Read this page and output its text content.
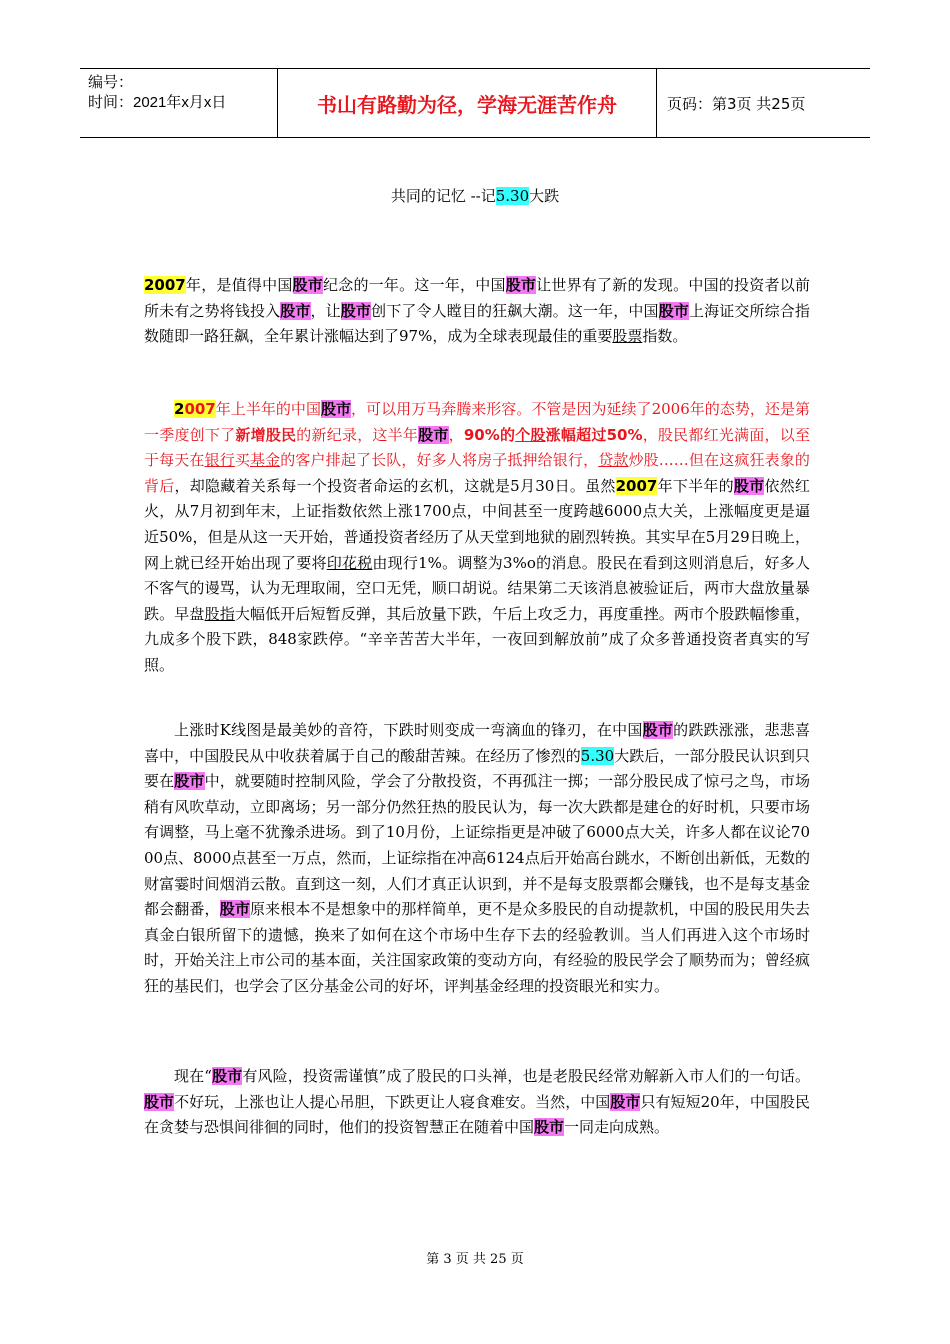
编号：
时间：2021年x月x日	书山有路勤为径，学海无涯苦作舟	页码：第3页 共25页
共同的记忆 --记5.30大跌

2007年，是值得中国股市纪念的一年。这一年，中国股市让世界有了新的发现。中国的投资者以前所未有之势将钱投入股市，让股市创下了令人瞠目的狂飙大潮。这一年，中国股市上海证交所综合指数随即一路狂飙，全年累计涨幅达到了97%，成为全球表现最佳的重要股票指数。

2007年上半年的中国股市，可以用万马奔腾来形容。不管是因为延续了2006年的态势，还是第一季度创下了新增股民的新纪录，这半年股市，90%的个股涨幅超过50%，股民都红光满面，以至于每天在银行买基金的客户排起了长队，好多人将房子抵押给银行，贷款炒股……但在这疯狂表象的背后，却隐藏着关系每一个投资者命运的玄机，这就是5月30日。虽然2007年下半年的股市依然红火，从7月初到年末，上证指数依然上涨1700点，中间甚至一度跨越6000点大关，上涨幅度更是逼近50%，但是从这一天开始，普通投资者经历了从天堂到地狱的剧烈转换。其实早在5月29日晚上，网上就已经开始出现了要将印花税由现行1%。调整为3%o的消息。股民在看到这则消息后，好多人不客气的谩骂，认为无理取闹，空口无凭，顺口胡说。结果第二天该消息被验证后，两市大盘放量暴跌。早盘股指大幅低开后短暂反弹，其后放量下跌，午后上攻乏力，再度重挫。两市个股跌幅惨重，九成多个股下跌，848家跌停。“辛辛苦苦大半年，一夜回到解放前”成了众多普通投资者真实的写照。

上涨时K线图是最美妙的音符，下跌时则变成一弯滴血的锋刃，在中国股市的跌跌涨涨，悲悲喜喜中，中国股民从中收获着属于自己的酸甜苦辣。在经历了惨烈的5.30大跌后，一部分股民认识到只要在股市中，就要随时控制风险，学会了分散投资，不再孤注一掷；一部分股民成了惊弓之鸟，市场稍有风吹草动，立即离场；另一部分仍然狂热的股民认为，每一次大跌都是建仓的好时机，只要市场有调整，马上毫不犹豫杀进场。到了10月份，上证综指更是冲破了6000点大关，许多人都在议论7000点、8000点甚至一万点，然而，上证综指在冲高6124点后开始高台跳水，不断创出新低，无数的财富霎时间烟消云散。直到这一刻，人们才真正认识到，并不是每支股票都会赚钱，也不是每支基金都会翻番，股市原来根本不是想象中的那样简单，更不是众多股民的自动提款机，中国的股民用失去真金白银所留下的遗憾，换来了如何在这个市场中生存下去的经验教训。当人们再进入这个市场时时，开始关注上市公司的基本面，关注国家政策的变动方向，有经验的股民学会了顺势而为；曾经疯狂的基民们，也学会了区分基金公司的好坏，评判基金经理的投资眼光和实力。

现在“股市有风险，投资需谨慎”成了股民的口头禅，也是老股民经常劝解新入市人们的一句话。股市不好玩，上涨也让人提心吊胆，下跌更让人寝食难安。当然，中国股市只有短短20年，中国股民在贪婪与恐惧间徘徊的同时，他们的投资智慧正在随着中国股市一同走向成熟。

第 3 页 共 25 页
